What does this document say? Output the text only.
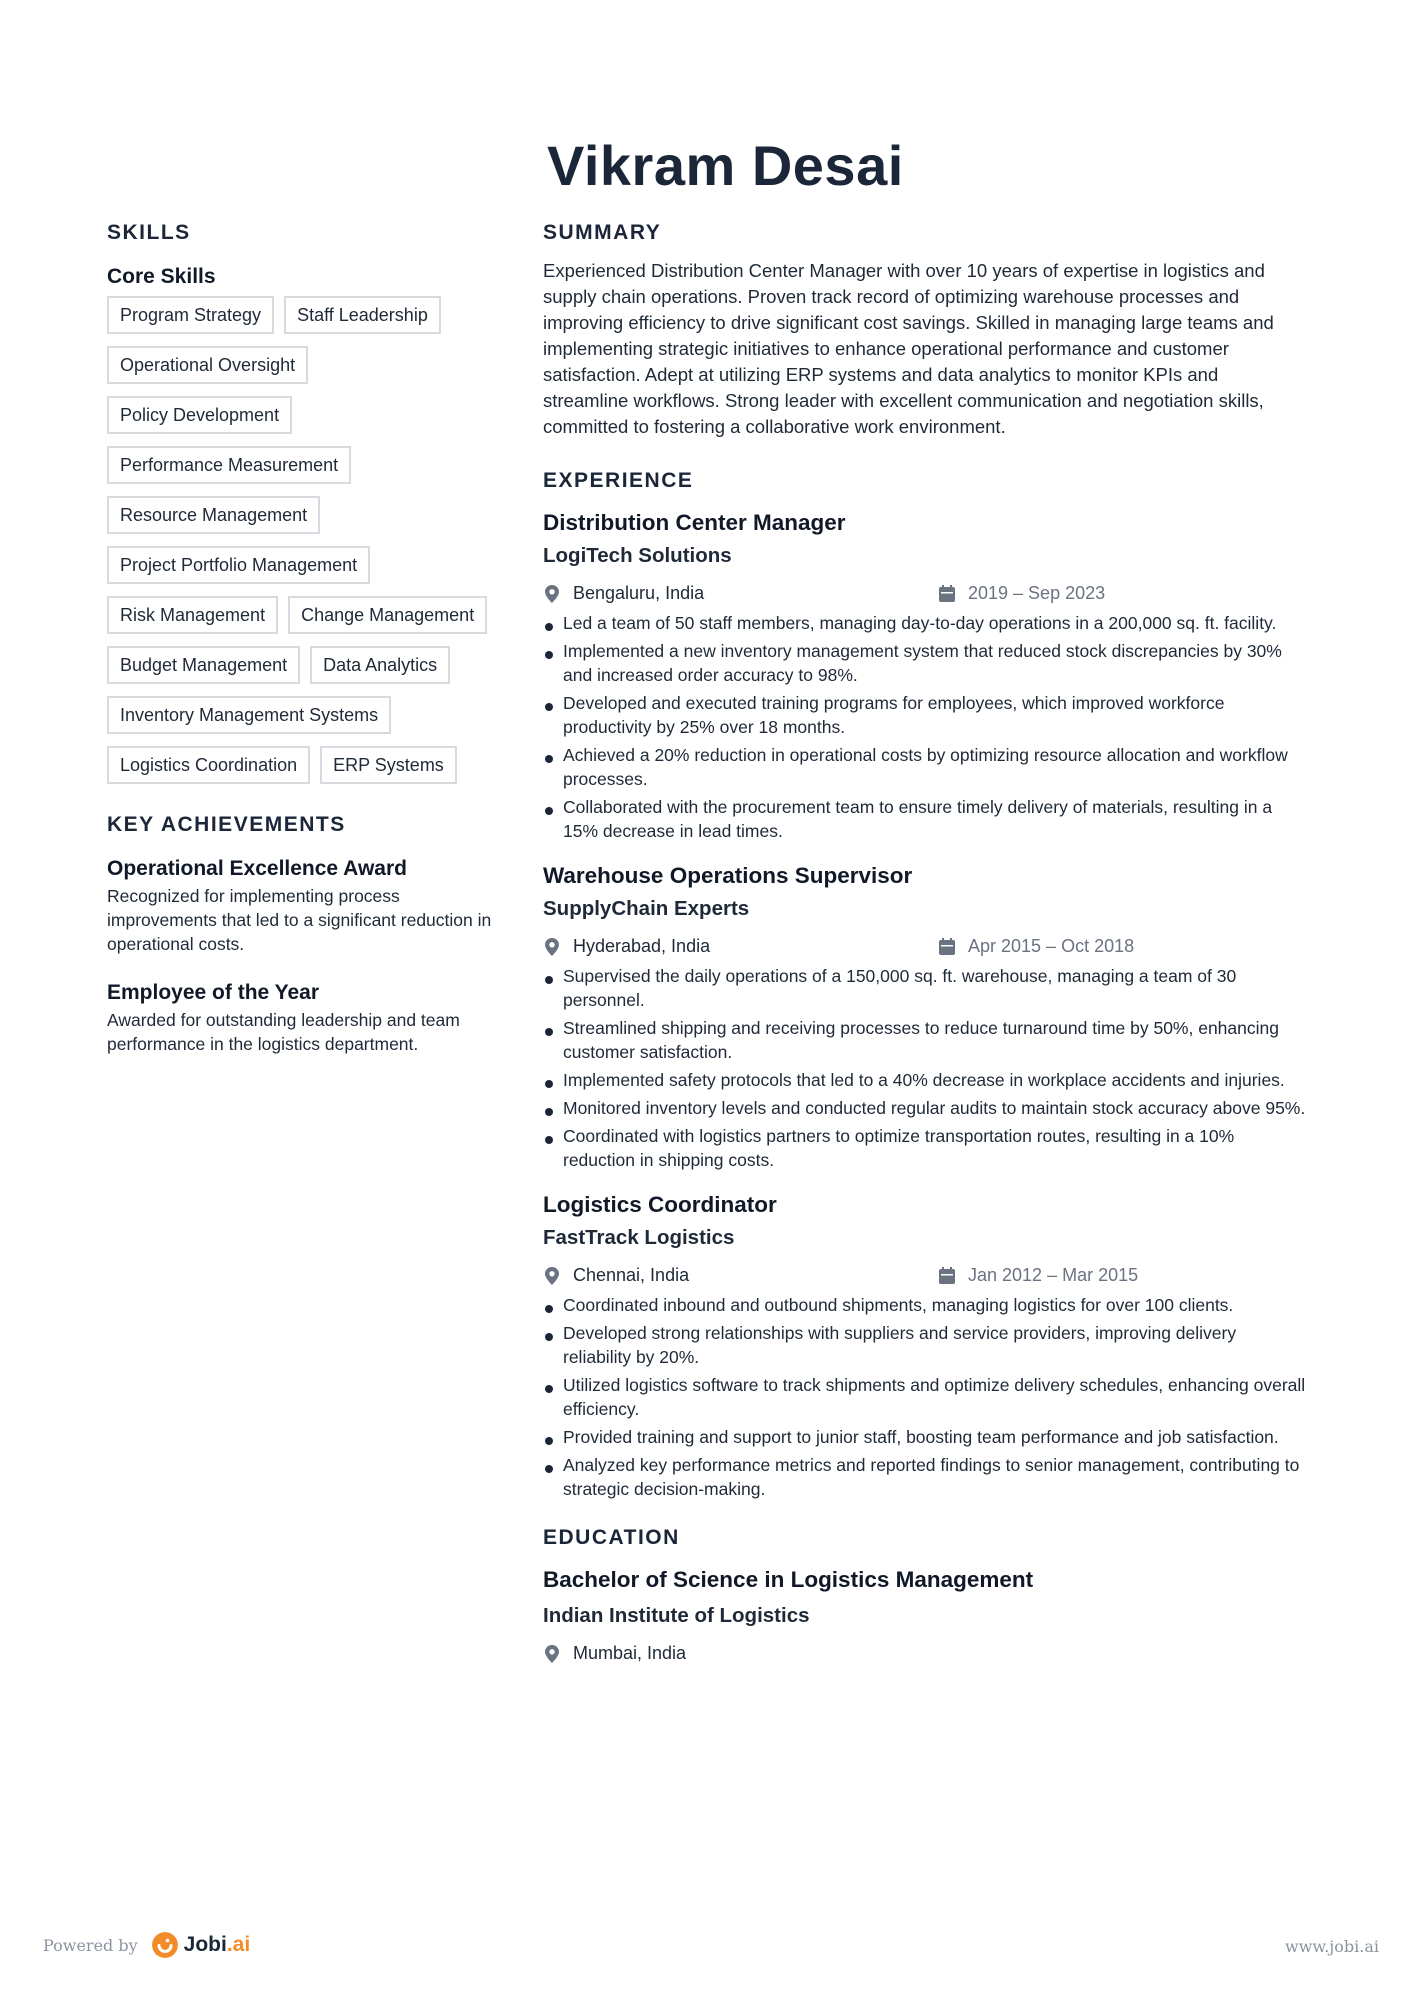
Vikram Desai
SKILLS
Core Skills
Program Strategy Staff LeadershipOperational OversightPolicy DevelopmentPerformance MeasurementResource ManagementProject Portfolio ManagementRisk Management Change ManagementBudget Management Data AnalyticsInventory Management SystemsLogistics Coordination ERP Systems
KEY ACHIEVEMENTS
Operational Excellence Award
Recognized for implementing process improvements that led to a significant reduction in operational costs.
Employee of the Year
Awarded for outstanding leadership and team performance in the logistics department.
SUMMARY
Experienced Distribution Center Manager with over 10 years of expertise in logistics and supply chain operations. Proven track record of optimizing warehouse processes and improving efficiency to drive significant cost savings. Skilled in managing large teams and implementing strategic initiatives to enhance operational performance and customer satisfaction. Adept at utilizing ERP systems and data analytics to monitor KPIs and streamline workflows. Strong leader with excellent communication and negotiation skills, committed to fostering a collaborative work environment.
EXPERIENCE
Distribution Center Manager
LogiTech Solutions
Bengaluru, India	2019 – Sep 2023
Led a team of 50 staff members, managing day-to-day operations in a 200,000 sq. ft. facility.
Implemented a new inventory management system that reduced stock discrepancies by 30% and increased order accuracy to 98%.
Developed and executed training programs for employees, which improved workforce productivity by 25% over 18 months.
Achieved a 20% reduction in operational costs by optimizing resource allocation and workflow processes.
Collaborated with the procurement team to ensure timely delivery of materials, resulting in a 15% decrease in lead times.
Warehouse Operations Supervisor
SupplyChain Experts
Hyderabad, India	Apr 2015 – Oct 2018
Supervised the daily operations of a 150,000 sq. ft. warehouse, managing a team of 30 personnel.
Streamlined shipping and receiving processes to reduce turnaround time by 50%, enhancing customer satisfaction.
Implemented safety protocols that led to a 40% decrease in workplace accidents and injuries.
Monitored inventory levels and conducted regular audits to maintain stock accuracy above 95%.
Coordinated with logistics partners to optimize transportation routes, resulting in a 10% reduction in shipping costs.
Logistics Coordinator
FastTrack Logistics
Chennai, India	Jan 2012 – Mar 2015
Coordinated inbound and outbound shipments, managing logistics for over 100 clients.
Developed strong relationships with suppliers and service providers, improving delivery reliability by 20%.
Utilized logistics software to track shipments and optimize delivery schedules, enhancing overall efficiency.
Provided training and support to junior staff, boosting team performance and job satisfaction.
Analyzed key performance metrics and reported findings to senior management, contributing to strategic decision-making.
EDUCATION
Bachelor of Science in Logistics Management
Indian Institute of Logistics
Mumbai, India
Powered by Jobi.ai	www.jobi.ai
